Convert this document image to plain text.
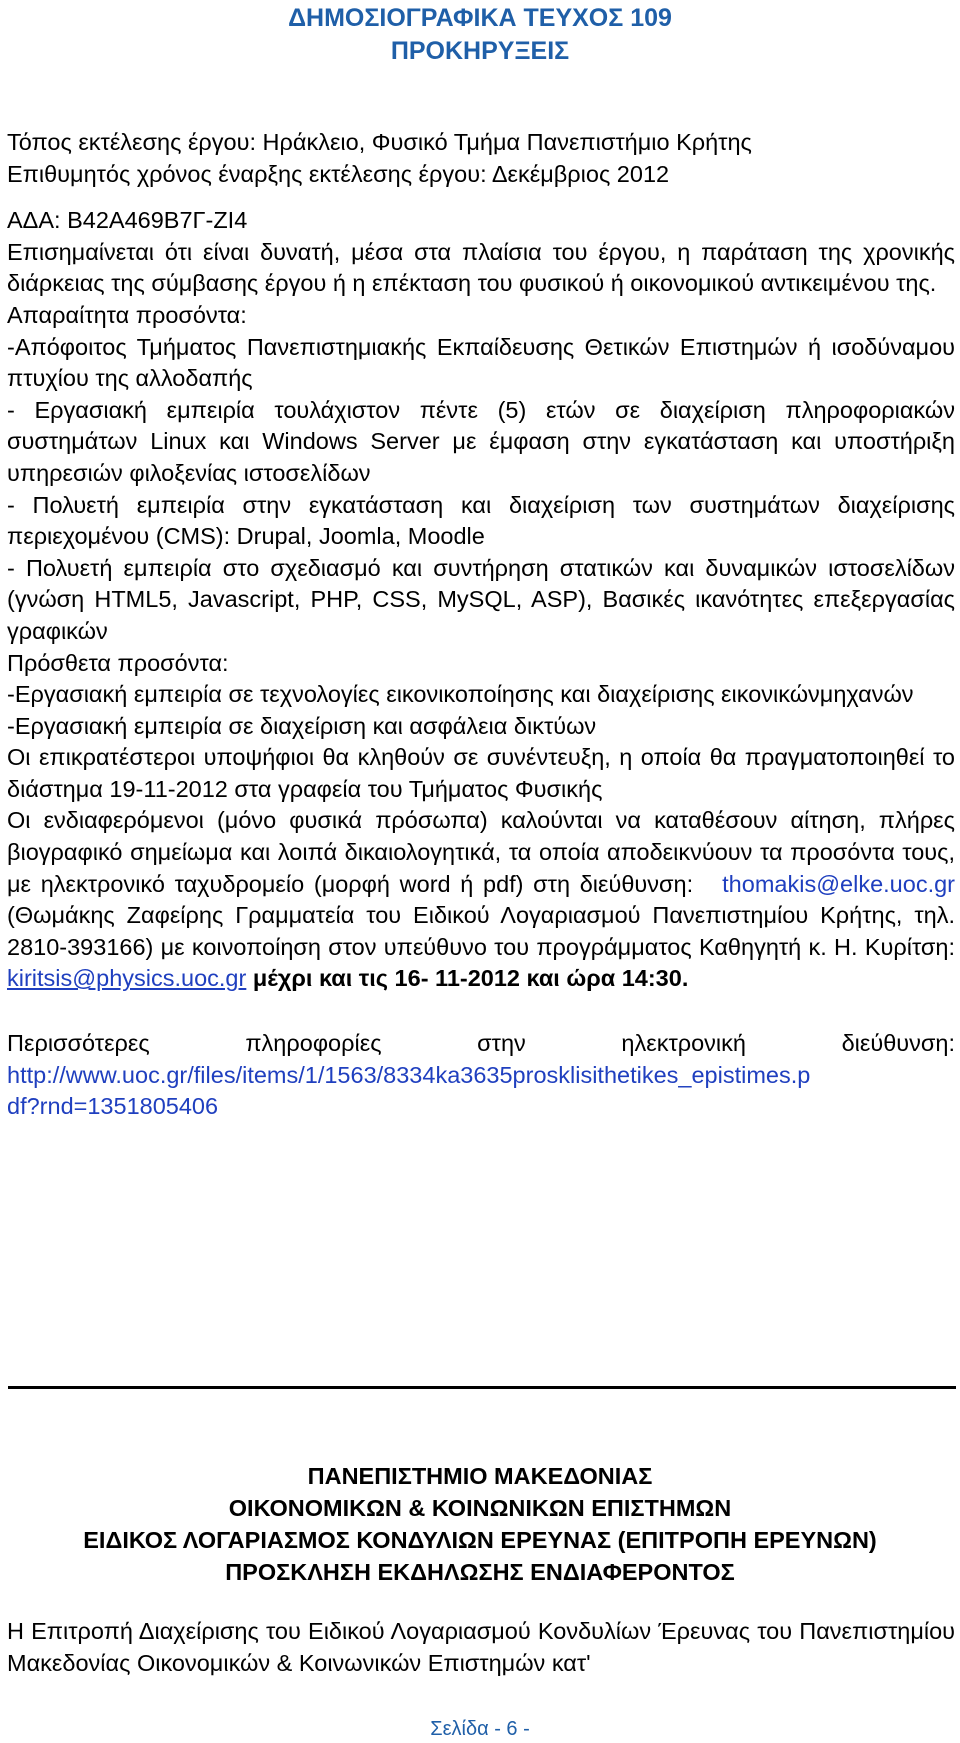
ΔΗΜΟΣΙΟΓΡΑΦΙΚΑ ΤΕΥΧΟΣ 109
ΠΡΟΚΗΡΥΞΕΙΣ

Τόπος εκτέλεσης έργου: Ηράκλειο, Φυσικό Τμήμα Πανεπιστήμιο Κρήτης

Επιθυμητός χρόνος έναρξης εκτέλεσης έργου: Δεκέμβριος 2012

ΑΔΑ: Β42Α469Β7Γ-ΖΙ4

Επισημαίνεται ότι είναι δυνατή, μέσα στα πλαίσια του έργου, η παράταση της χρονικής διάρκειας της σύμβασης έργου ή η επέκταση του φυσικού ή οικονομικού αντικειμένου της.

Απαραίτητα προσόντα:

-Απόφοιτος Τμήματος Πανεπιστημιακής Εκπαίδευσης Θετικών Επιστημών ή ισοδύναμου πτυχίου της αλλοδαπής

- Εργασιακή εμπειρία τουλάχιστον πέντε (5) ετών σε διαχείριση πληροφοριακών συστημάτων Linux και Windows Server με έμφαση στην εγκατάσταση και υποστήριξη υπηρεσιών φιλοξενίας ιστοσελίδων

- Πολυετή εμπειρία στην εγκατάσταση και διαχείριση των συστημάτων διαχείρισης περιεχομένου (CMS): Drupal, Joomla, Moodle

- Πολυετή εμπειρία στο σχεδιασμό και συντήρηση στατικών και δυναμικών ιστοσελίδων (γνώση HTML5, Javascript, PHP, CSS, MySQL, ASP), Βασικές ικανότητες επεξεργασίας γραφικών

Πρόσθετα προσόντα:

-Εργασιακή εμπειρία σε τεχνολογίες εικονικοποίησης και διαχείρισης εικονικώνμηχανών

-Εργασιακή εμπειρία σε διαχείριση και ασφάλεια δικτύων

Οι επικρατέστεροι υποψήφιοι θα κληθούν σε συνέντευξη, η οποία θα πραγματοποιηθεί το διάστημα 19-11-2012 στα γραφεία του Τμήματος Φυσικής

Οι ενδιαφερόμενοι (μόνο φυσικά πρόσωπα) καλούνται να καταθέσουν αίτηση, πλήρες βιογραφικό σημείωμα και λοιπά δικαιολογητικά, τα οποία αποδεικνύουν τα προσόντα τους, με ηλεκτρονικό ταχυδρομείο (μορφή word ή pdf) στη διεύθυνση: thomakis@elke.uoc.gr (Θωμάκης Ζαφείρης Γραμματεία του Ειδικού Λογαριασμού Πανεπιστημίου Κρήτης, τηλ. 2810-393166) με κοινοποίηση στον υπεύθυνο του προγράμματος Καθηγητή κ. Η. Κυρίτση: kiritsis@physics.uoc.gr μέχρι και τις 16- 11-2012 και ώρα 14:30.

Περισσότερες πληροφορίες στην ηλεκτρονική διεύθυνση:

http://www.uoc.gr/files/items/1/1563/8334ka3635prosklisithetikes_epistimes.p

df?rnd=1351805406

ΠΑΝΕΠΙΣΤΗΜΙΟ ΜΑΚΕΔΟΝΙΑΣ
ΟΙΚΟΝΟΜΙΚΩΝ & ΚΟΙΝΩΝΙΚΩΝ ΕΠΙΣΤΗΜΩΝ
ΕΙΔΙΚΟΣ ΛΟΓΑΡΙΑΣΜΟΣ ΚΟΝΔΥΛΙΩΝ ΕΡΕΥΝΑΣ (ΕΠΙΤΡΟΠΗ ΕΡΕΥΝΩΝ)
ΠΡΟΣΚΛΗΣΗ ΕΚΔΗΛΩΣΗΣ ΕΝΔΙΑΦΕΡΟΝΤΟΣ

Η Επιτροπή Διαχείρισης του Ειδικού Λογαριασμού Κονδυλίων Έρευνας του Πανεπιστημίου Μακεδονίας Οικονομικών & Κοινωνικών Επιστημών κατ'

Σελίδα - 6 -
